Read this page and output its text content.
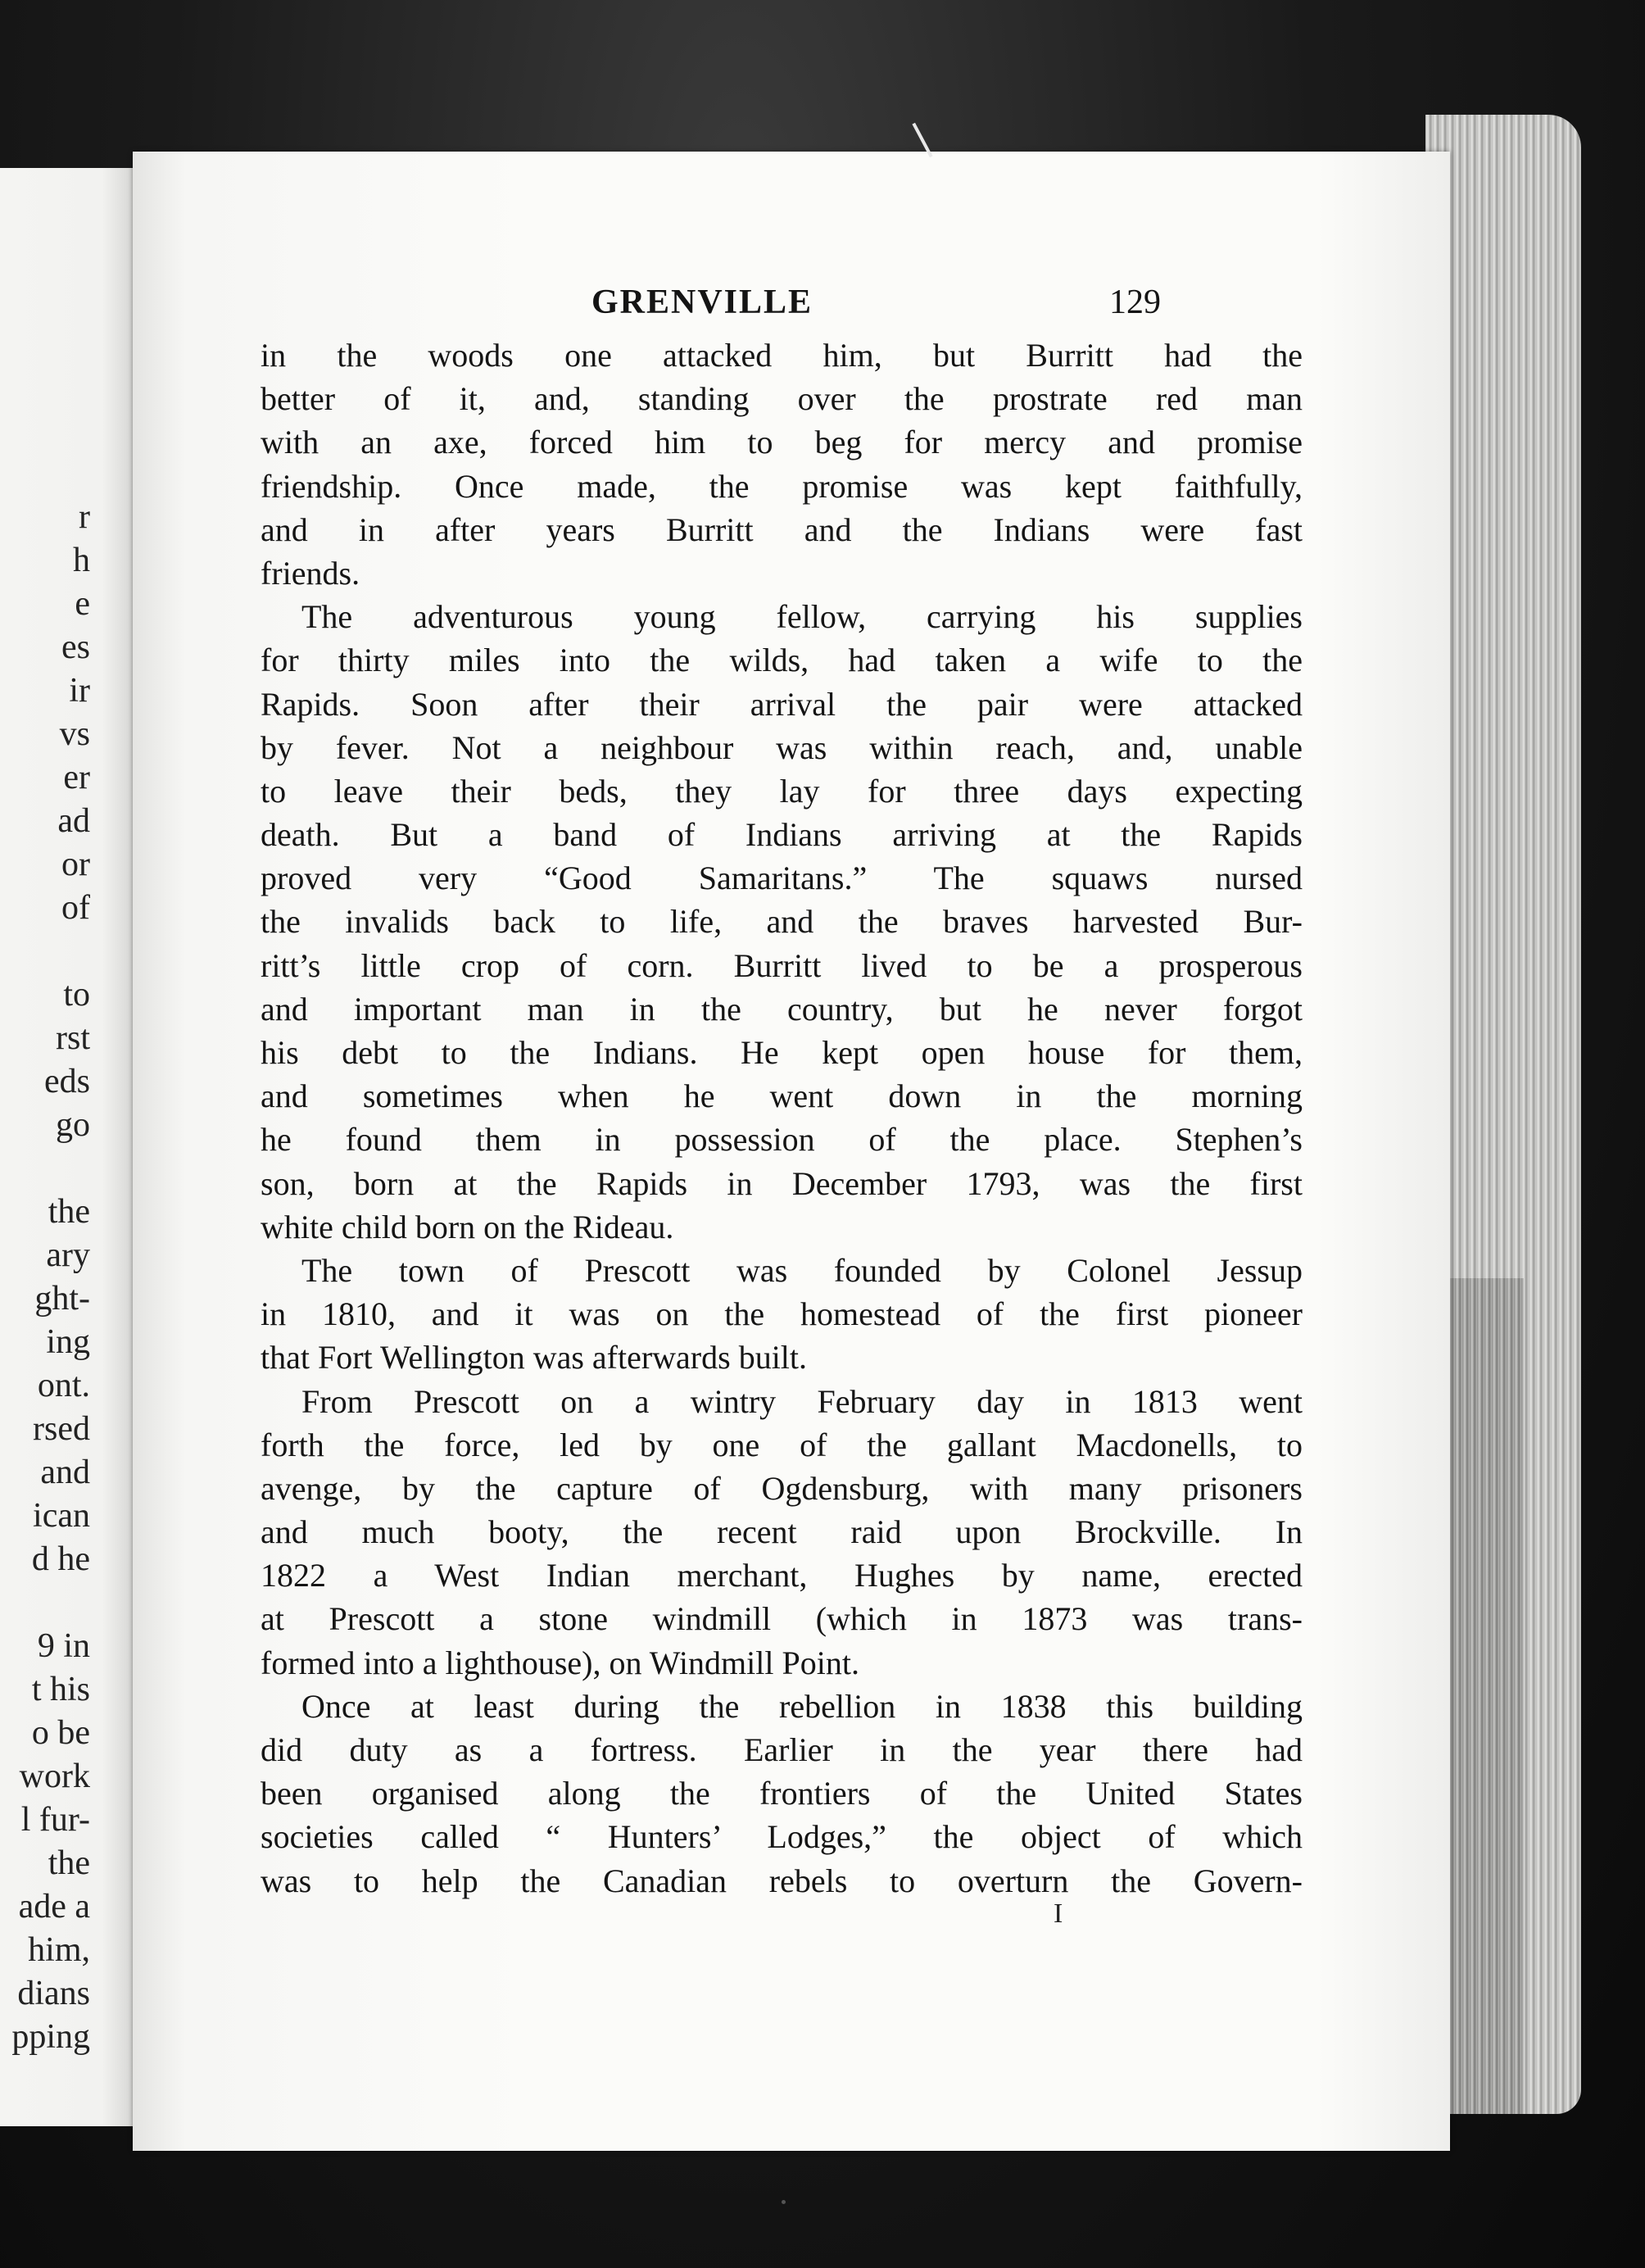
r
h
e
es
ir
vs
er
ad
or
of
to
rst
eds
go
the
ary
ght-
ing
ont.
rsed
and
ican
d he
9 in
t his
o be
work
l fur-
the
ade a
him,
dians
pping
GRENVILLE	129
in the woods one attacked him, but Burritt had the
better of it, and, standing over the prostrate red man
with an axe, forced him to beg for mercy and promise
friendship. Once made, the promise was kept faithfully,
and in after years Burritt and the Indians were fast
friends.
The adventurous young fellow, carrying his supplies
for thirty miles into the wilds, had taken a wife to the
Rapids. Soon after their arrival the pair were attacked
by fever. Not a neighbour was within reach, and, unable
to leave their beds, they lay for three days expecting
death. But a band of Indians arriving at the Rapids
proved very “Good Samaritans.” The squaws nursed
the invalids back to life, and the braves harvested Bur-
ritt’s little crop of corn. Burritt lived to be a prosperous
and important man in the country, but he never forgot
his debt to the Indians. He kept open house for them,
and sometimes when he went down in the morning
he found them in possession of the place. Stephen’s
son, born at the Rapids in December 1793, was the first
white child born on the Rideau.
The town of Prescott was founded by Colonel Jessup
in 1810, and it was on the homestead of the first pioneer
that Fort Wellington was afterwards built.
From Prescott on a wintry February day in 1813 went
forth the force, led by one of the gallant Macdonells, to
avenge, by the capture of Ogdensburg, with many prisoners
and much booty, the recent raid upon Brockville. In
1822 a West Indian merchant, Hughes by name, erected
at Prescott a stone windmill (which in 1873 was trans-
formed into a lighthouse), on Windmill Point.
Once at least during the rebellion in 1838 this building
did duty as a fortress. Earlier in the year there had
been organised along the frontiers of the United States
societies called “ Hunters’ Lodges,” the object of which
was to help the Canadian rebels to overturn the Govern-
I
